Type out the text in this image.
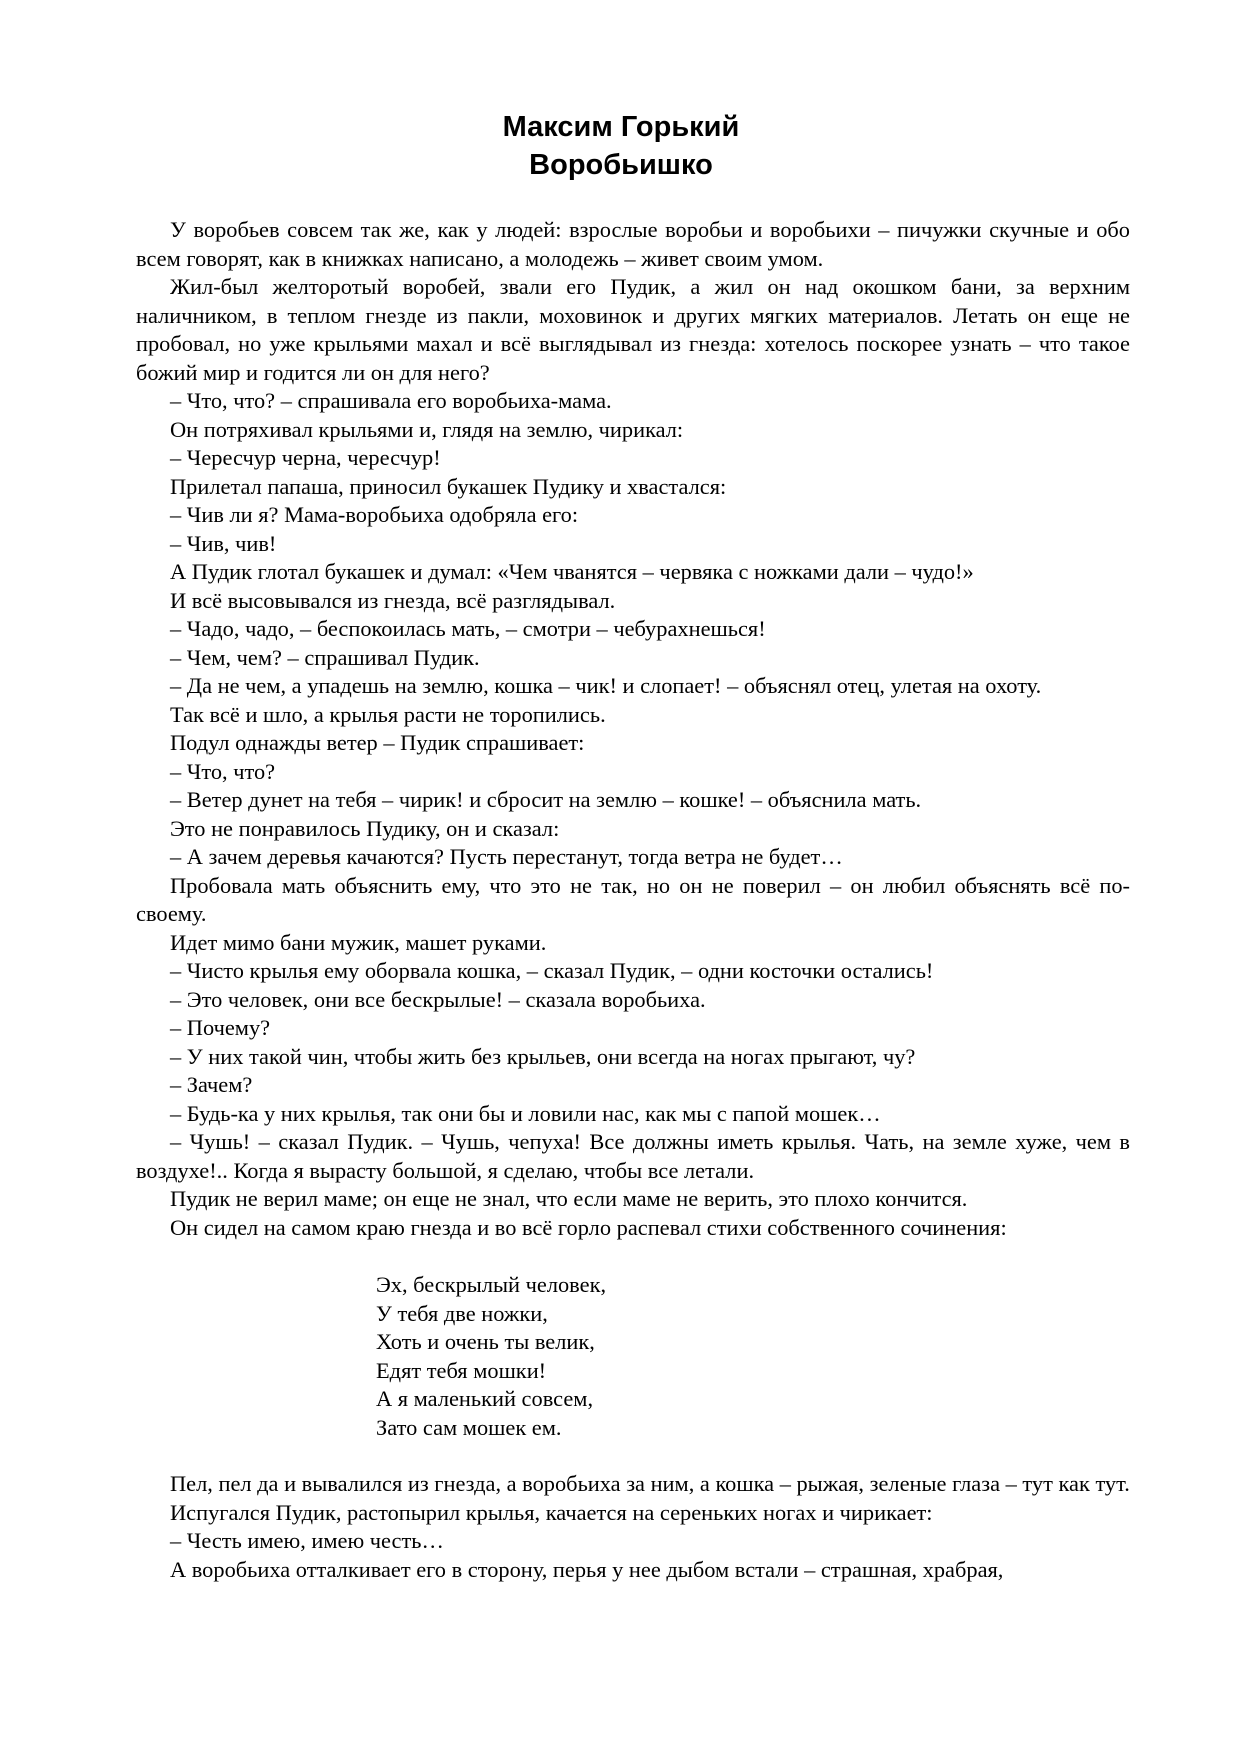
Максим Горький
Воробьишко

У воробьев совсем так же, как у людей: взрослые воробьи и воробьихи – пичужки скучные и обо всем говорят, как в книжках написано, а молодежь – живет своим умом.

Жил-был желторотый воробей, звали его Пудик, а жил он над окошком бани, за верхним наличником, в теплом гнезде из пакли, моховинок и других мягких материалов. Летать он еще не пробовал, но уже крыльями махал и всё выглядывал из гнезда: хотелось поскорее узнать – что такое божий мир и годится ли он для него?

– Что, что? – спрашивала его воробьиха-мама.

Он потряхивал крыльями и, глядя на землю, чирикал:

– Чересчур черна, чересчур!

Прилетал папаша, приносил букашек Пудику и хвастался:

– Чив ли я? Мама-воробьиха одобряла его:

– Чив, чив!

А Пудик глотал букашек и думал: «Чем чванятся – червяка с ножками дали – чудо!»

И всё высовывался из гнезда, всё разглядывал.

– Чадо, чадо, – беспокоилась мать, – смотри – чебурахнешься!

– Чем, чем? – спрашивал Пудик.

– Да не чем, а упадешь на землю, кошка – чик! и слопает! – объяснял отец, улетая на охоту.

Так всё и шло, а крылья расти не торопились.

Подул однажды ветер – Пудик спрашивает:

– Что, что?

– Ветер дунет на тебя – чирик! и сбросит на землю – кошке! – объяснила мать.

Это не понравилось Пудику, он и сказал:

– А зачем деревья качаются? Пусть перестанут, тогда ветра не будет…

Пробовала мать объяснить ему, что это не так, но он не поверил – он любил объяснять всё по-своему.

Идет мимо бани мужик, машет руками.

– Чисто крылья ему оборвала кошка, – сказал Пудик, – одни косточки остались!

– Это человек, они все бескрылые! – сказала воробьиха.

– Почему?

– У них такой чин, чтобы жить без крыльев, они всегда на ногах прыгают, чу?

– Зачем?

– Будь-ка у них крылья, так они бы и ловили нас, как мы с папой мошек…

– Чушь! – сказал Пудик. – Чушь, чепуха! Все должны иметь крылья. Чать, на земле хуже, чем в воздухе!.. Когда я вырасту большой, я сделаю, чтобы все летали.

Пудик не верил маме; он еще не знал, что если маме не верить, это плохо кончится.

Он сидел на самом краю гнезда и во всё горло распевал стихи собственного сочинения:

Эх, бескрылый человек,
У тебя две ножки,
Хоть и очень ты велик,
Едят тебя мошки!
А я маленький совсем,
Зато сам мошек ем.

Пел, пел да и вывалился из гнезда, а воробьиха за ним, а кошка – рыжая, зеленые глаза – тут как тут.

Испугался Пудик, растопырил крылья, качается на сереньких ногах и чирикает:

– Честь имею, имею честь…

А воробьиха отталкивает его в сторону, перья у нее дыбом встали – страшная, храбрая,
